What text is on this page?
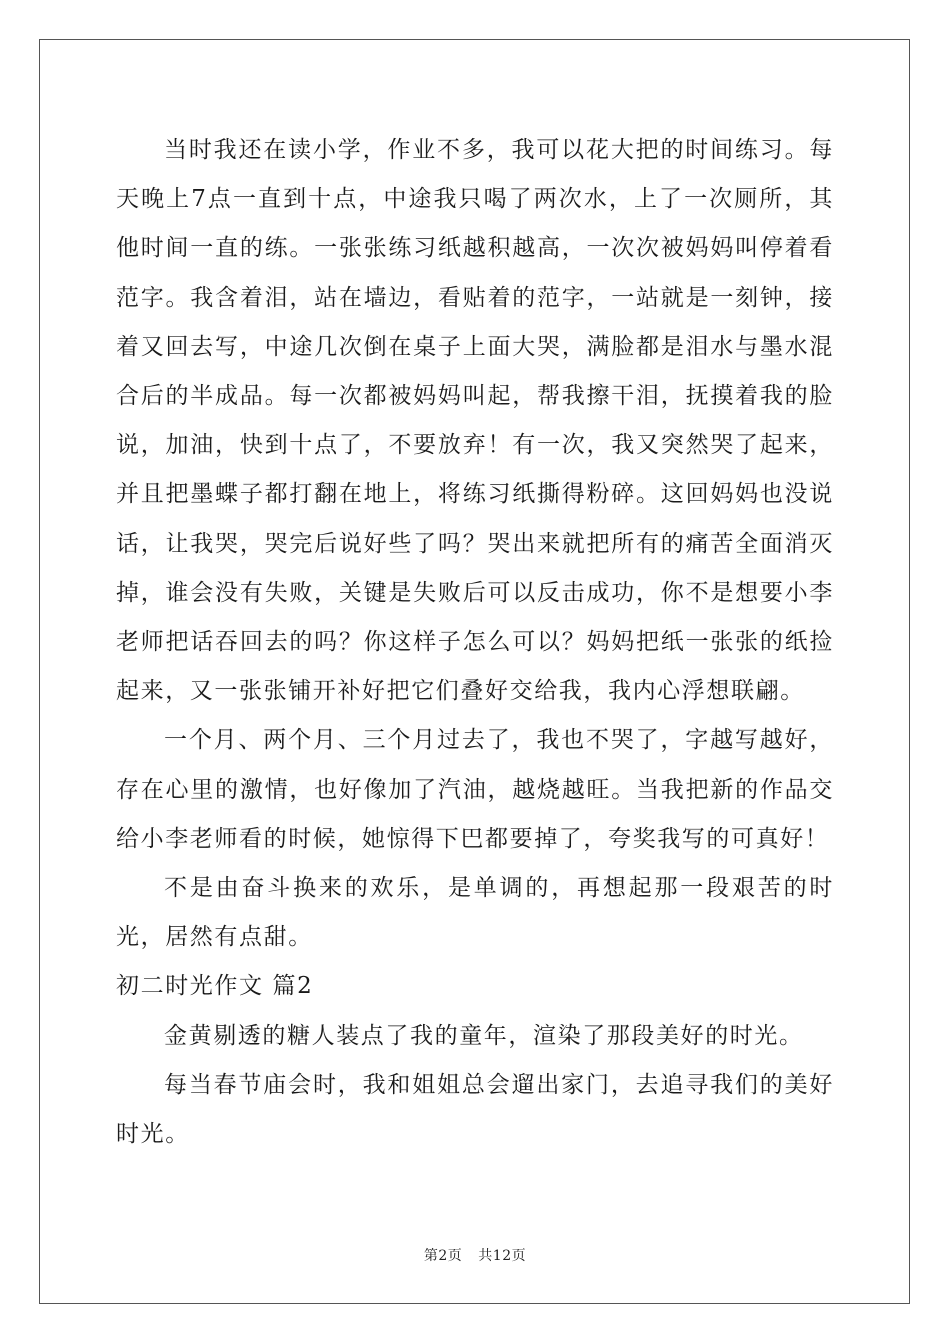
当时我还在读小学，作业不多，我可以花大把的时间练习。每天晚上7点一直到十点，中途我只喝了两次水，上了一次厕所，其他时间一直的练。一张张练习纸越积越高，一次次被妈妈叫停着看范字。我含着泪，站在墙边，看贴着的范字，一站就是一刻钟，接着又回去写，中途几次倒在桌子上面大哭，满脸都是泪水与墨水混合后的半成品。每一次都被妈妈叫起，帮我擦干泪，抚摸着我的脸说，加油，快到十点了，不要放弃！有一次，我又突然哭了起来，并且把墨蝶子都打翻在地上，将练习纸撕得粉碎。这回妈妈也没说话，让我哭，哭完后说好些了吗？哭出来就把所有的痛苦全面消灭掉，谁会没有失败，关键是失败后可以反击成功，你不是想要小李老师把话吞回去的吗？你这样子怎么可以？妈妈把纸一张张的纸捡起来，又一张张铺开补好把它们叠好交给我，我内心浮想联翩。

一个月、两个月、三个月过去了，我也不哭了，字越写越好，存在心里的激情，也好像加了汽油，越烧越旺。当我把新的作品交给小李老师看的时候，她惊得下巴都要掉了，夸奖我写的可真好！

不是由奋斗换来的欢乐，是单调的，再想起那一段艰苦的时光，居然有点甜。

初二时光作文 篇2

金黄剔透的糖人装点了我的童年，渲染了那段美好的时光。

每当春节庙会时，我和姐姐总会遛出家门，去追寻我们的美好时光。

第2页 共12页
